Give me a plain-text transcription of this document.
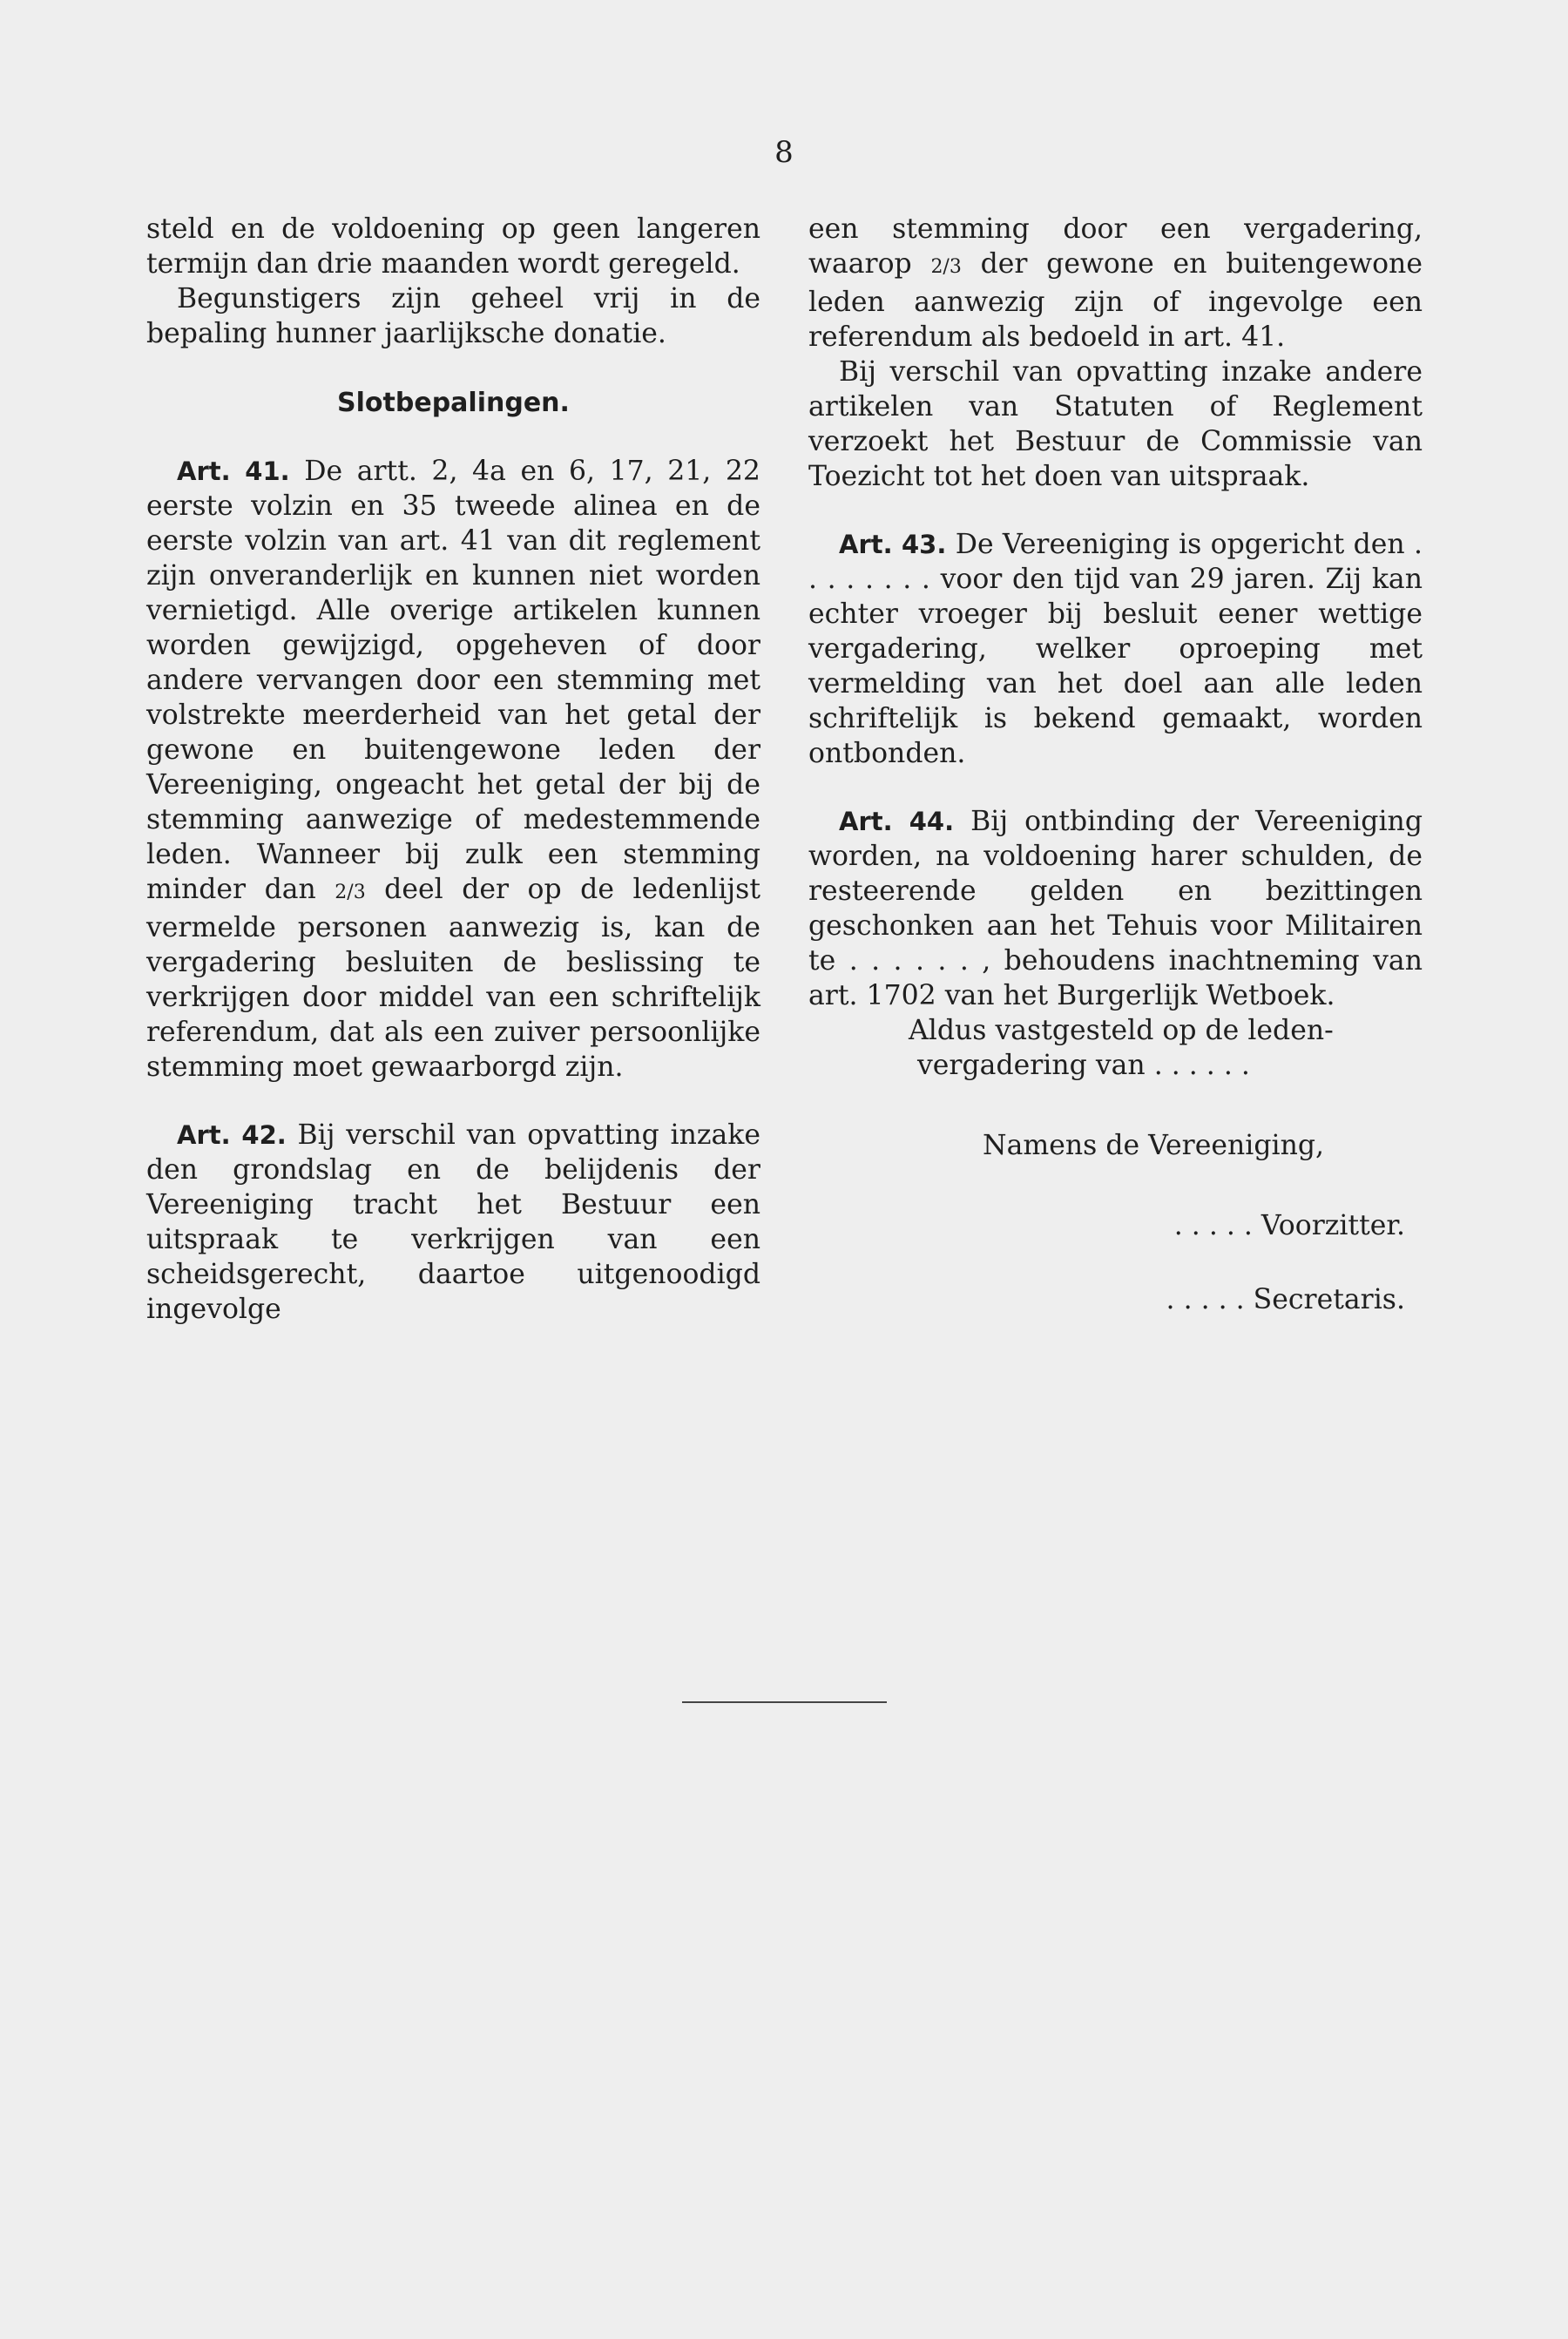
8

steld en de voldoening op geen langeren termijn dan drie maanden wordt geregeld.

Begunstigers zijn geheel vrij in de bepaling hunner jaarlijksche donatie.

Slotbepalingen.

Art. 41. De artt. 2, 4a en 6, 17, 21, 22 eerste volzin en 35 tweede alinea en de eerste volzin van art. 41 van dit reglement zijn onveranderlijk en kunnen niet worden vernietigd. Alle overige artikelen kunnen worden gewijzigd, opgeheven of door andere vervangen door een stemming met volstrekte meerderheid van het getal der gewone en buitengewone leden der Vereeniging, ongeacht het getal der bij de stemming aanwezige of medestemmende leden. Wanneer bij zulk een stemming minder dan 2/3 deel der op de ledenlijst vermelde personen aanwezig is, kan de vergadering besluiten de beslissing te verkrijgen door middel van een schriftelijk referendum, dat als een zuiver persoonlijke stemming moet gewaarborgd zijn.

Art. 42. Bij verschil van opvatting inzake den grondslag en de belijdenis der Vereeniging tracht het Bestuur een uitspraak te verkrijgen van een scheidsgerecht, daartoe uitgenoodigd ingevolge

een stemming door een vergadering, waarop 2/3 der gewone en buitengewone leden aanwezig zijn of ingevolge een referendum als bedoeld in art. 41.

Bij verschil van opvatting inzake andere artikelen van Statuten of Reglement verzoekt het Bestuur de Commissie van Toezicht tot het doen van uitspraak.

Art. 43. De Vereeniging is opgericht den . . . . . . . . voor den tijd van 29 jaren. Zij kan echter vroeger bij besluit eener wettige vergadering, welker oproeping met vermelding van het doel aan alle leden schriftelijk is bekend gemaakt, worden ontbonden.

Art. 44. Bij ontbinding der Vereeniging worden, na voldoening harer schulden, de resteerende gelden en bezittingen geschonken aan het Tehuis voor Militairen te . . . . . . , behoudens inachtneming van art. 1702 van het Burgerlijk Wetboek.

Aldus vastgesteld op de leden-

vergadering van . . . . . .

Namens de Vereeniging,

. . . . . Voorzitter.

. . . . . Secretaris.
